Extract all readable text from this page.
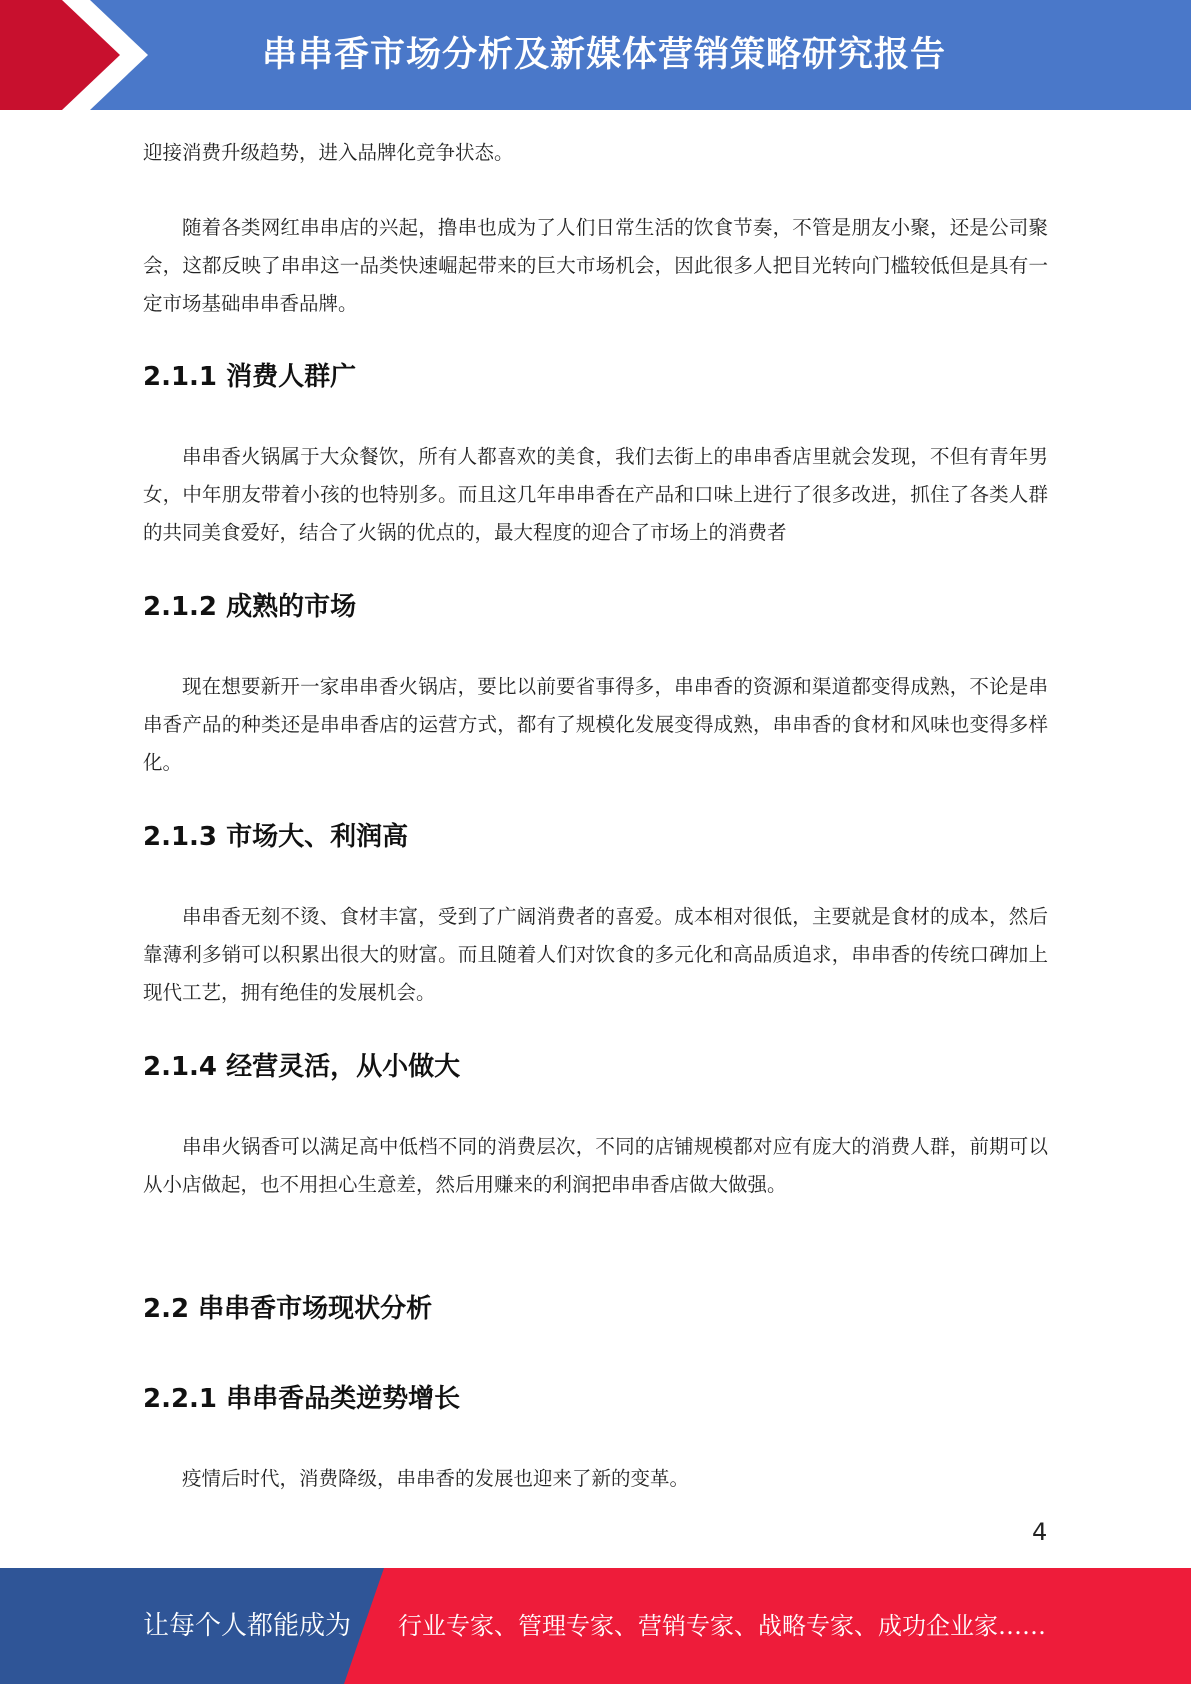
串串香市场分析及新媒体营销策略研究报告

迎接消费升级趋势，进入品牌化竞争状态。

随着各类网红串串店的兴起，撸串也成为了人们日常生活的饮食节奏，不管是朋友小聚，还是公司聚会，这都反映了串串这一品类快速崛起带来的巨大市场机会，因此很多人把目光转向门槛较低但是具有一定市场基础串串香品牌。

2.1.1 消费人群广

串串香火锅属于大众餐饮，所有人都喜欢的美食，我们去街上的串串香店里就会发现，不但有青年男女，中年朋友带着小孩的也特别多。而且这几年串串香在产品和口味上进行了很多改进，抓住了各类人群的共同美食爱好，结合了火锅的优点的，最大程度的迎合了市场上的消费者

2.1.2 成熟的市场

现在想要新开一家串串香火锅店，要比以前要省事得多，串串香的资源和渠道都变得成熟，不论是串串香产品的种类还是串串香店的运营方式，都有了规模化发展变得成熟，串串香的食材和风味也变得多样化。

2.1.3 市场大、利润高

串串香无刻不烫、食材丰富，受到了广阔消费者的喜爱。成本相对很低，主要就是食材的成本，然后靠薄利多销可以积累出很大的财富。而且随着人们对饮食的多元化和高品质追求，串串香的传统口碑加上现代工艺，拥有绝佳的发展机会。

2.1.4 经营灵活，从小做大

串串火锅香可以满足高中低档不同的消费层次，不同的店铺规模都对应有庞大的消费人群，前期可以从小店做起，也不用担心生意差，然后用赚来的利润把串串香店做大做强。

2.2 串串香市场现状分析
2.2.1 串串香品类逆势增长

疫情后时代，消费降级，串串香的发展也迎来了新的变革。

4
让每个人都能成为 行业专家、管理专家、营销专家、战略专家、成功企业家……
